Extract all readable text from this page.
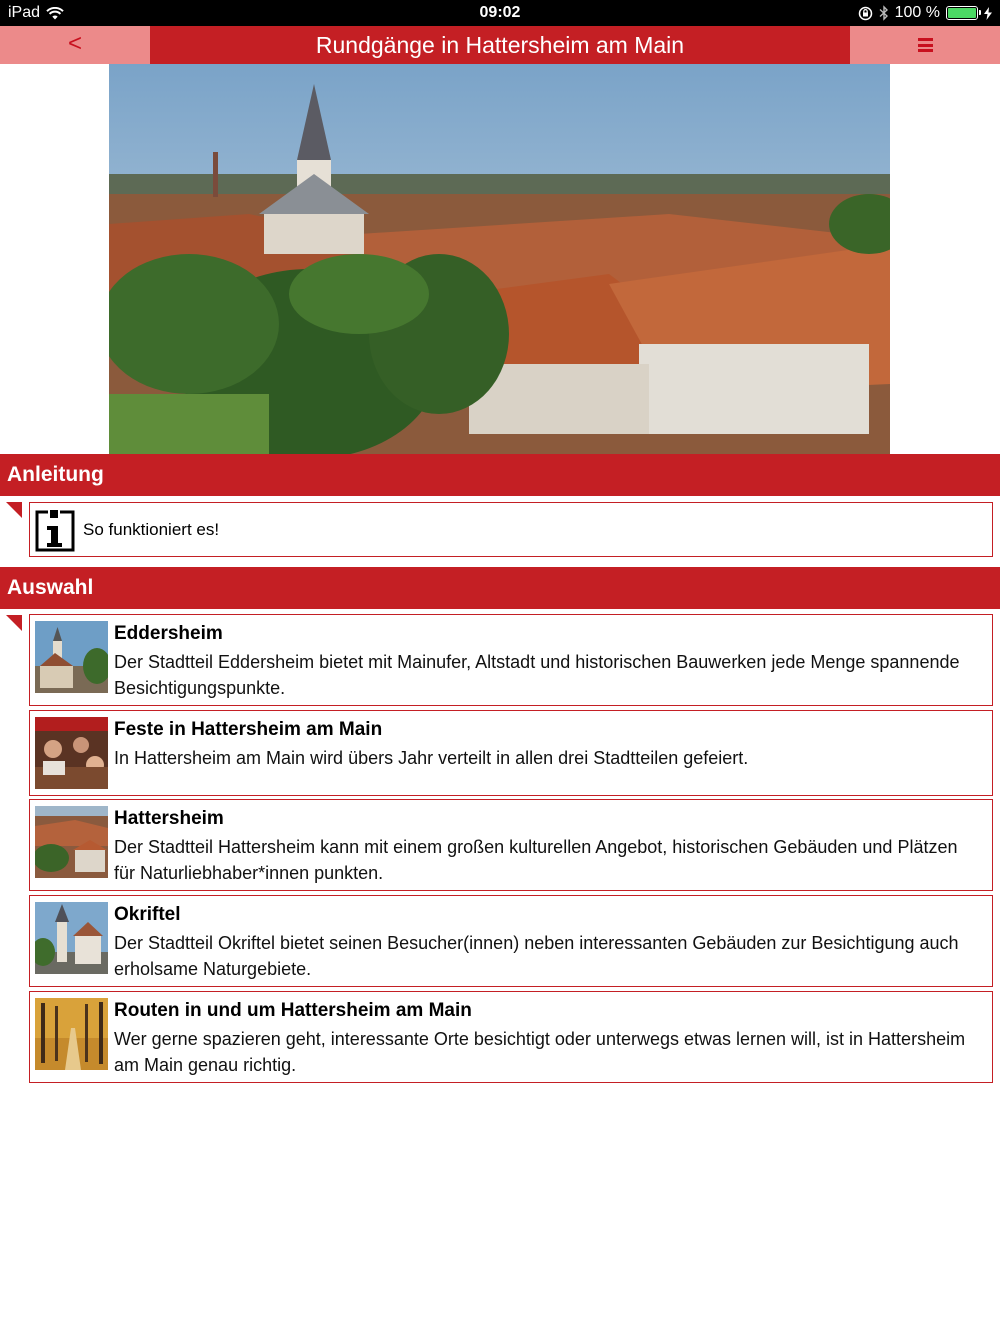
iPad	09:02	100 %
<	Rundgänge in Hattersheim am Main
Anleitung
So funktioniert es!
Auswahl
Eddersheim
Der Stadtteil Eddersheim bietet mit Mainufer, Altstadt und historischen Bauwerken jede Menge spannende Besichtigungspunkte.
Feste in Hattersheim am Main
In Hattersheim am Main wird übers Jahr verteilt in allen drei Stadtteilen gefeiert.
Hattersheim
Der Stadtteil Hattersheim kann mit einem großen kulturellen Angebot, historischen Gebäuden und Plätzen für Naturliebhaber*innen punkten.
Okriftel
Der Stadtteil Okriftel bietet seinen Besucher(innen) neben interessanten Gebäuden zur Besichtigung auch erholsame Naturgebiete.
Routen in und um Hattersheim am Main
Wer gerne spazieren geht, interessante Orte besichtigt oder unterwegs etwas lernen will, ist in Hattersheim am Main genau richtig.
